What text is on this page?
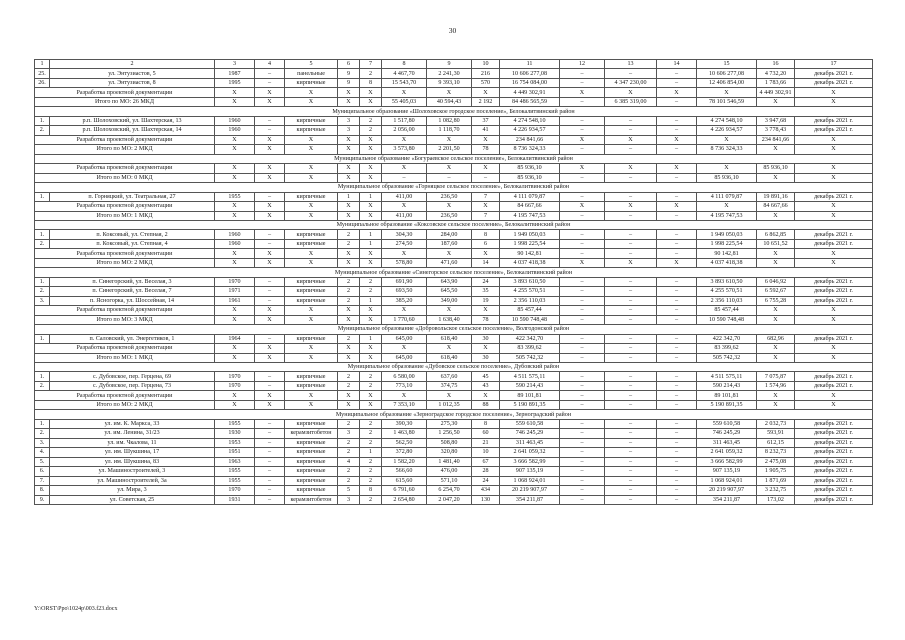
30
1	2	3	4	5	6	7	8	9	10	11	12	13	14	15	16	17	
25.	ул. Энтузиастов, 5	1987	–	панельные	9	2	4 467,70	2 241,30	216	10 606 277,08	–	–	–	10 606 277,08	4 732,20	декабрь 2021 г.	
26.	ул. Энтузиастов, 8	1995	–	кирпичные	9	8	15 543,70	9 393,10	570	16 754 084,00	–	4 347 230,00	–	12 406 854,00	1 783,66	декабрь 2021 г.	
Разработка проектной документации		X	X	X	X	X	X	X	X	4 449 302,91	X	X	X	X	4 449 302,91	X	
Итого по МО: 26 МКД		X	X	X	X	X	55 405,03	40 594,43	2 192	84 486 565,59	–	6 385 319,00	–	78 101 546,59	X	X	
Муниципальное образование «Шолоховское городское поселение», Белокалитвинский район																	
1.	р.п. Шолоховский, ул. Шахтерская, 13	1960	–	кирпичные	3	2	1 517,80	1 082,80	37	4 274 548,10	–	–	–	4 274 548,10	3 947,68	декабрь 2021 г.	
2.	р.п. Шолоховский, ул. Шахтерская, 14	1960	–	кирпичные	3	2	2 056,00	1 118,70	41	4 226 934,57	–	–	–	4 226 934,57	3 778,43	декабрь 2021 г.	
Разработка проектной документации		X	X	X	X	X	X	X	X	234 841,66	X	X	X	X	234 841,66	X	
Итого по МО: 2 МКД		X	X	X	X	X	3 573,80	2 201,50	78	8 736 324,33	–	–	–	8 736 324,33	X	X	
Муниципальное образование «Богураевское сельское поселение», Белокалитвинский район																	
Разработка проектной документации		X	X	X	X	X	X	X	X	85 936,10	X	X	X	X	85 936,10	X	
Итого по МО: 0 МКД		X	X	X	X	X	–	–	–	85 936,10	–	–	–	85 936,10	X	X	
Муниципальное образование «Горняцкое сельское поселение», Белокалитвинский район																	
1.	п. Горняцкий, ул. Театральная, 27	1955	–	кирпичные	1	1	411,00	236,50	7	4 111 079,87	–	–	–	4 111 079,87	19 891,16	декабрь 2021 г.	
Разработка проектной документации		X	X	X	X	X	X	X	X	84 667,66	X	X	X	X	84 667,66	X	
Итого по МО: 1 МКД		X	X	X	X	X	411,00	236,50	7	4 195 747,53	–	–	–	4 195 747,53	X	X	
Муниципальное образование «Коксовское сельское поселение», Белокалитвинский район																	
1.	п. Коксовый, ул. Степная, 2	1960	–	кирпичные	2	1	304,30	284,00	8	1 949 050,03	–	–	–	1 949 050,03	6 862,85	декабрь 2021 г.	
2.	п. Коксовый, ул. Степная, 4	1960	–	кирпичные	2	1	274,50	187,60	6	1 998 225,54	–	–	–	1 998 225,54	10 651,52	декабрь 2021 г.	
Разработка проектной документации		X	X	X	X	X	X	X	X	90 142,81	–	–	–	90 142,81	X	X	
Итого по МО: 2 МКД		X	X	X	X	X	578,80	471,60	14	4 037 418,38	X	X	X	4 037 418,38	X	X	
Муниципальное образование «Синегорское сельское поселение», Белокалитвинский район																	
1.	п. Синегорский, ул. Веселая, 3	1970	–	кирпичные	2	2	691,90	643,90	24	3 893 610,50	–	–	–	3 893 610,50	6 046,92	декабрь 2021 г.	
2.	п. Синегорский, ул. Веселая, 7	1971	–	кирпичные	2	2	693,50	645,50	35	4 255 570,51	–	–	–	4 255 570,51	6 592,67	декабрь 2021 г.	
3.	п. Ясногорка, ул. Шоссейная, 14	1961	–	кирпичные	2	1	385,20	349,00	19	2 356 110,03	–	–	–	2 356 110,03	6 755,28	декабрь 2021 г.	
Разработка проектной документации		X	X	X	X	X	X	X	X	85 457,44	–	–	–	85 457,44	X	X	
Итого по МО: 3 МКД		X	X	X	X	X	1 770,60	1 638,40	78	10 590 748,48	–	–	–	10 590 748,48	X	X	
Муниципальное образование «Добровольское сельское поселение», Волгодонской район																	
1.	п. Саловский, ул. Энергетиков, 1	1964	–	кирпичные	2	1	645,00	618,40	30	422 342,70	–	–	–	422 342,70	682,96	декабрь 2021 г.	
Разработка проектной документации		X	X	X	X	X	X	X	X	83 399,62	–	–	–	83 399,62	X	X	
Итого по МО: 1 МКД		X	X	X	X	X	645,00	618,40	30	505 742,32	–	–	–	505 742,32	X	X	
Муниципальное образование «Дубовское сельское поселение», Дубовский район																	
1.	с. Дубовское, пер. Герцена, 69	1970	–	кирпичные	2	2	6 580,00	637,60	45	4 511 575,11	–	–	–	4 511 575,11	7 075,87	декабрь 2021 г.	
2.	с. Дубовское, пер. Герцена, 73	1970	–	кирпичные	2	2	773,10	374,75	43	590 214,43	–	–	–	590 214,43	1 574,96	декабрь 2021 г.	
Разработка проектной документации		X	X	X	X	X	X	X	X	89 101,81	–	–	–	89 101,81	X	X	
Итого по МО: 2 МКД		X	X	X	X	X	7 353,10	1 012,35	88	5 190 891,35	–	–	–	5 190 891,35	X	X	
Муниципальное образование «Зерноградское городское поселение», Зерноградский район																	
1.	ул. им. К. Маркса, 33	1955	–	кирпичные	2	2	390,30	275,30	8	559 610,58	–	–	–	559 610,58	2 032,73	декабрь 2021 г.	
2.	ул. им. Ленина, 31/23	1930	–	керамзитобетон	3	2	1 463,80	1 256,50	60	746 245,29	–	–	–	746 245,29	593,91	декабрь 2021 г.	
3.	ул. им. Чкалова, 11	1953	–	кирпичные	2	2	562,50	508,80	21	311 463,45	–	–	–	311 463,45	612,15	декабрь 2021 г.	
4.	ул. им. Шукшина, 17	1951	–	кирпичные	2	1	372,80	320,80	10	2 641 059,32	–	–	–	2 641 059,32	8 232,73	декабрь 2021 г.	
5.	ул. им. Шукшина, 83	1963	–	кирпичные	4	2	1 582,20	1 481,40	67	3 666 582,99	–	–	–	3 666 582,99	2 475,08	декабрь 2021 г.	
6.	ул. Машиностроителей, 3	1955	–	кирпичные	2	2	566,60	476,00	28	907 135,19	–	–	–	907 135,19	1 905,75	декабрь 2021 г.	
7.	ул. Машиностроителей, 3а	1955	–	кирпичные	2	2	615,60	571,10	24	1 068 924,01	–	–	–	1 068 924,01	1 871,69	декабрь 2021 г.	
8.	ул. Мира, 3	1970	–	кирпичные	5	8	6 791,60	6 254,70	434	20 219 907,97	–	–	–	20 219 907,97	3 232,75	декабрь 2021 г.	
9.	ул. Советская, 25	1931	–	керамзитобетон	3	2	2 654,80	2 047,20	130	354 211,87	–	–	–	354 211,87	173,02	декабрь 2021 г.	
Y:\ORST\Ppo\1024p\003.f23.docx
